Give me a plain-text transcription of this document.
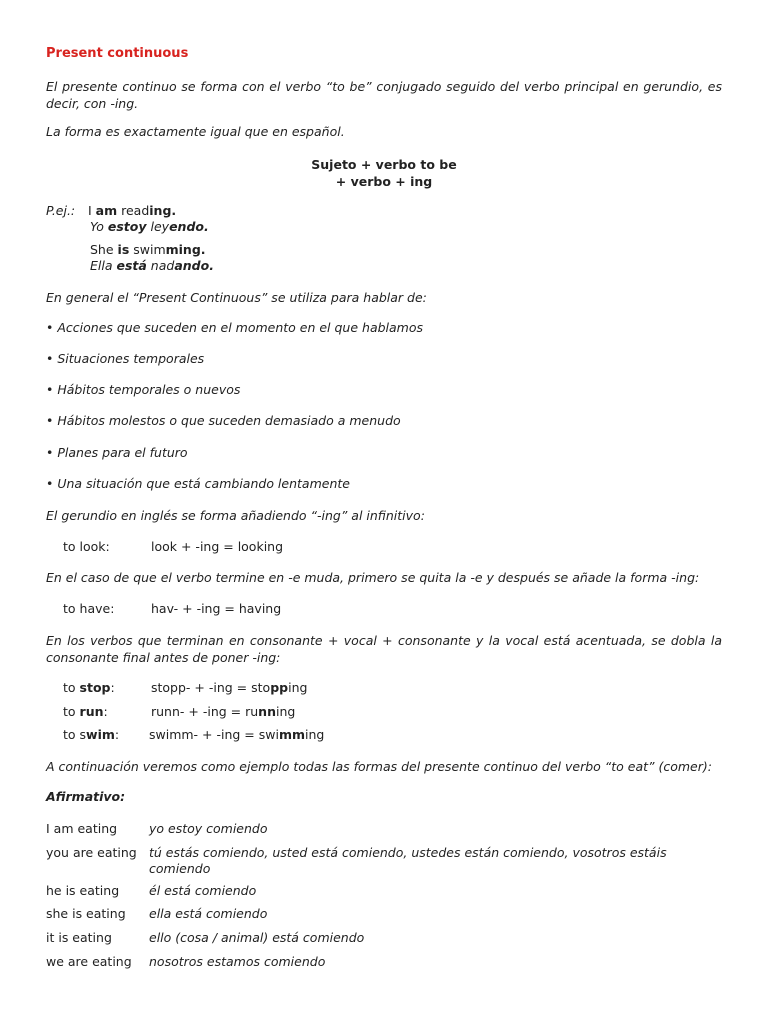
Present continuous
El presente continuo se forma con el verbo “to be” conjugado seguido del verbo principal en gerundio, es decir, con -ing.
La forma es exactamente igual que en español.
Sujeto + verbo to be
+ verbo + ing
P.ej.: I am reading.
Yo estoy leyendo.
She is swimming.
Ella está nadando.
En general el “Present Continuous” se utiliza para hablar de:
• Acciones que suceden en el momento en el que hablamos
• Situaciones temporales
• Hábitos temporales o nuevos
• Hábitos molestos o que suceden demasiado a menudo
• Planes para el futuro
• Una situación que está cambiando lentamente
El gerundio en inglés se forma añadiendo “-ing” al infinitivo:
to look:	look + -ing = looking
En el caso de que el verbo termine en -e muda, primero se quita la -e y después se añade la forma -ing:
to have:	hav- + -ing = having
En los verbos que terminan en consonante + vocal + consonante y la vocal está acentuada, se dobla la consonante final antes de poner -ing:
to stop:	stopp- + -ing = stopping
to run:	runn- + -ing = running
to swim: swimm- + -ing = swimming
A continuación veremos como ejemplo todas las formas del presente continuo del verbo “to eat” (comer):
Afirmativo:
I am eating	yo estoy comiendo
you are eating tú estás comiendo, usted está comiendo, ustedes están comiendo, vosotros estáis comiendo
he is eating él está comiendo
she is eating ella está comiendo
it is eating	ello (cosa / animal) está comiendo
we are eating nosotros estamos comiendo
